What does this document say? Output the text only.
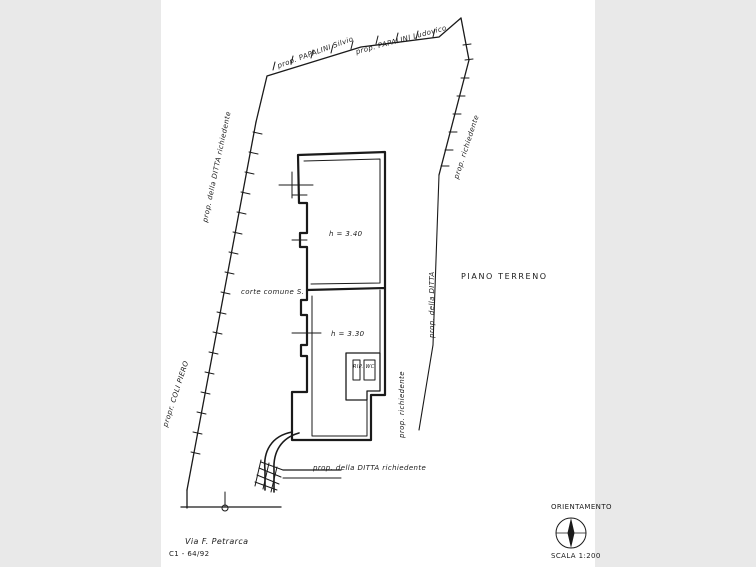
PIANO TERRENO
propr. COLI PIERO
prop. della DITTA richiedente
prop. PAPALINI Silvio prop. PAPALINI Ludovico
prop. richiedente
prop. della DITTA
prop. richiedente
corte comune S.
h = 3.40
h = 3.30
RIP. WC
prop. della DITTA richiedente
Via F. Petrarca
C1 - 64/92
ORIENTAMENTO
SCALA 1:200
